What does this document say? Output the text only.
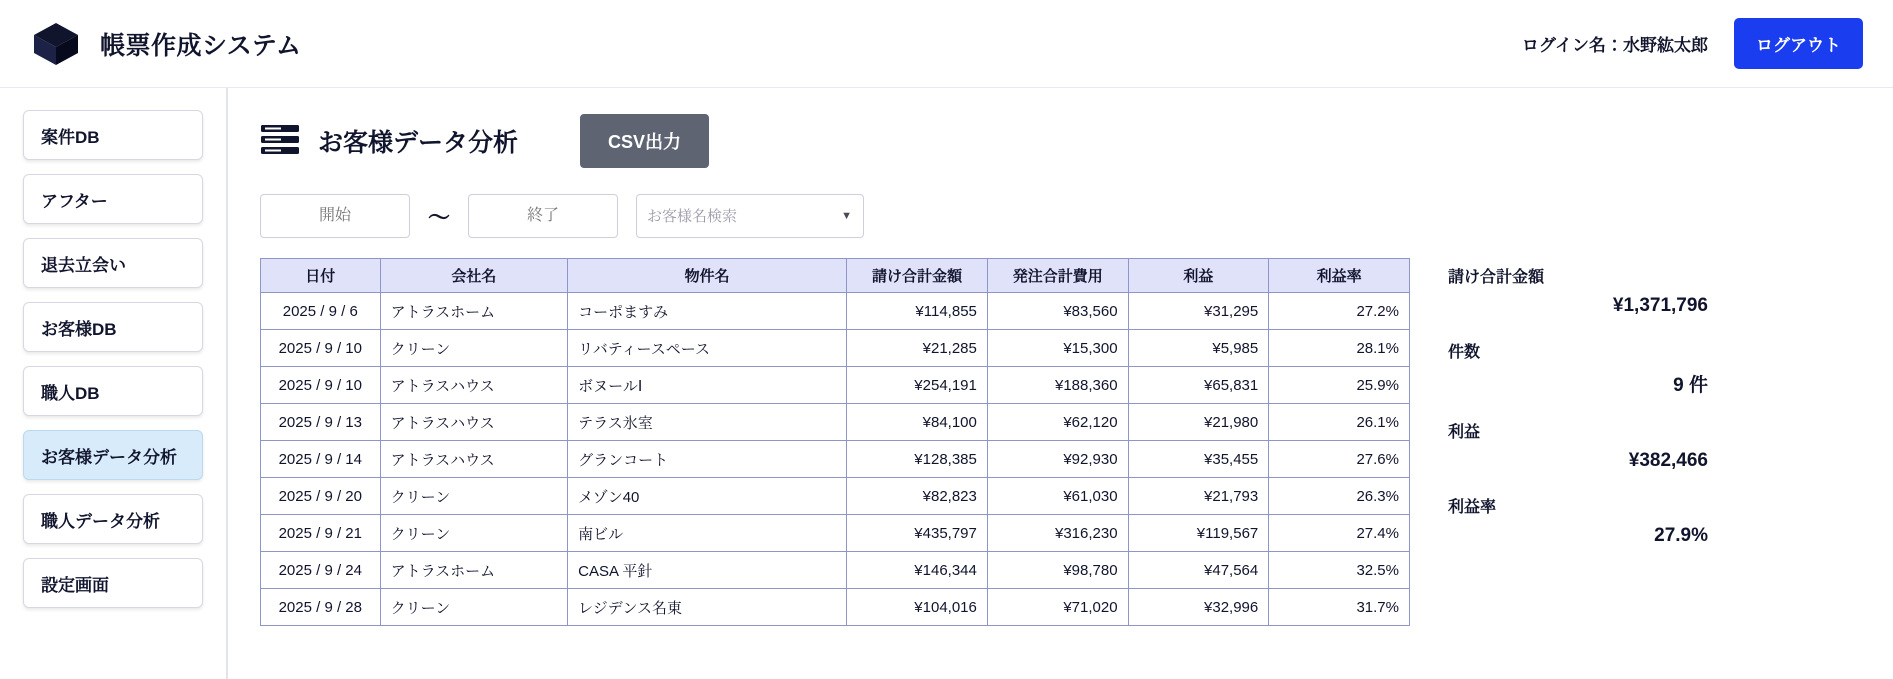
帳票作成システム	ログイン名：水野紘太郎	ログアウト
案件DB
アフター
退去立会い
お客様DB
職人DB
お客様データ分析
職人データ分析
設定画面
お客様データ分析	CSV出力
開始
～
終了
お客様名検索	▼
日付	会社名	物件名	請け合計金額	発注合計費用	利益	利益率
2025 / 9 / 6	アトラスホーム	コーポますみ	¥114,855	¥83,560	¥31,295	27.2%
2025 / 9 / 10	クリーン	リバティースペース	¥21,285	¥15,300	¥5,985	28.1%
2025 / 9 / 10	アトラスハウス	ボヌールⅠ	¥254,191	¥188,360	¥65,831	25.9%
2025 / 9 / 13	アトラスハウス	テラス氷室	¥84,100	¥62,120	¥21,980	26.1%
2025 / 9 / 14	アトラスハウス	グランコート	¥128,385	¥92,930	¥35,455	27.6%
2025 / 9 / 20	クリーン	メゾン40	¥82,823	¥61,030	¥21,793	26.3%
2025 / 9 / 21	クリーン	南ビル	¥435,797	¥316,230	¥119,567	27.4%
2025 / 9 / 24	アトラスホーム	CASA 平針	¥146,344	¥98,780	¥47,564	32.5%
2025 / 9 / 28	クリーン	レジデンス名東	¥104,016	¥71,020	¥32,996	31.7%
請け合計金額
¥1,371,796
件数
9 件
利益
¥382,466
利益率
27.9%
